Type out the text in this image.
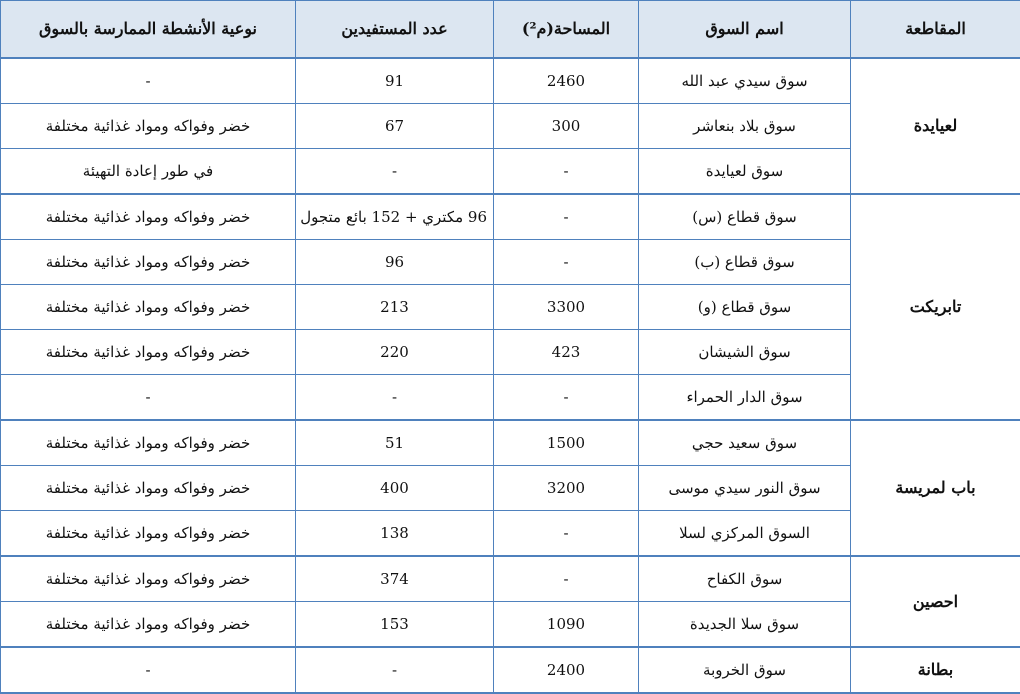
المقاطعة	اسم السوق	المساحة(م²)	عدد المستفيدين	نوعية الأنشطة الممارسة بالسوق
لعيايدة	سوق سيدي عبد الله	2460	91	-
	سوق بلاد بنعاشر	300	67	خضر وفواكه ومواد غذائية مختلفة
	سوق لعيايدة	-	-	في طور إعادة التهيئة
تابريكت	سوق قطاع (س)	-	96 مكتري + 152 بائع متجول	خضر وفواكه ومواد غذائية مختلفة
	سوق قطاع (ب)	-	96	خضر وفواكه ومواد غذائية مختلفة
	سوق قطاع (و)	3300	213	خضر وفواكه ومواد غذائية مختلفة
	سوق الشيشان	423	220	خضر وفواكه ومواد غذائية مختلفة
	سوق الدار الحمراء	-	-	-
باب لمريسة	سوق سعيد حجي	1500	51	خضر وفواكه ومواد غذائية مختلفة
	سوق النور سيدي موسى	3200	400	خضر وفواكه ومواد غذائية مختلفة
	السوق المركزي لسلا	-	138	خضر وفواكه ومواد غذائية مختلفة
احصين	سوق الكفاح	-	374	خضر وفواكه ومواد غذائية مختلفة
	سوق سلا الجديدة	1090	153	خضر وفواكه ومواد غذائية مختلفة
بطانة	سوق الخروبة	2400	-	-
